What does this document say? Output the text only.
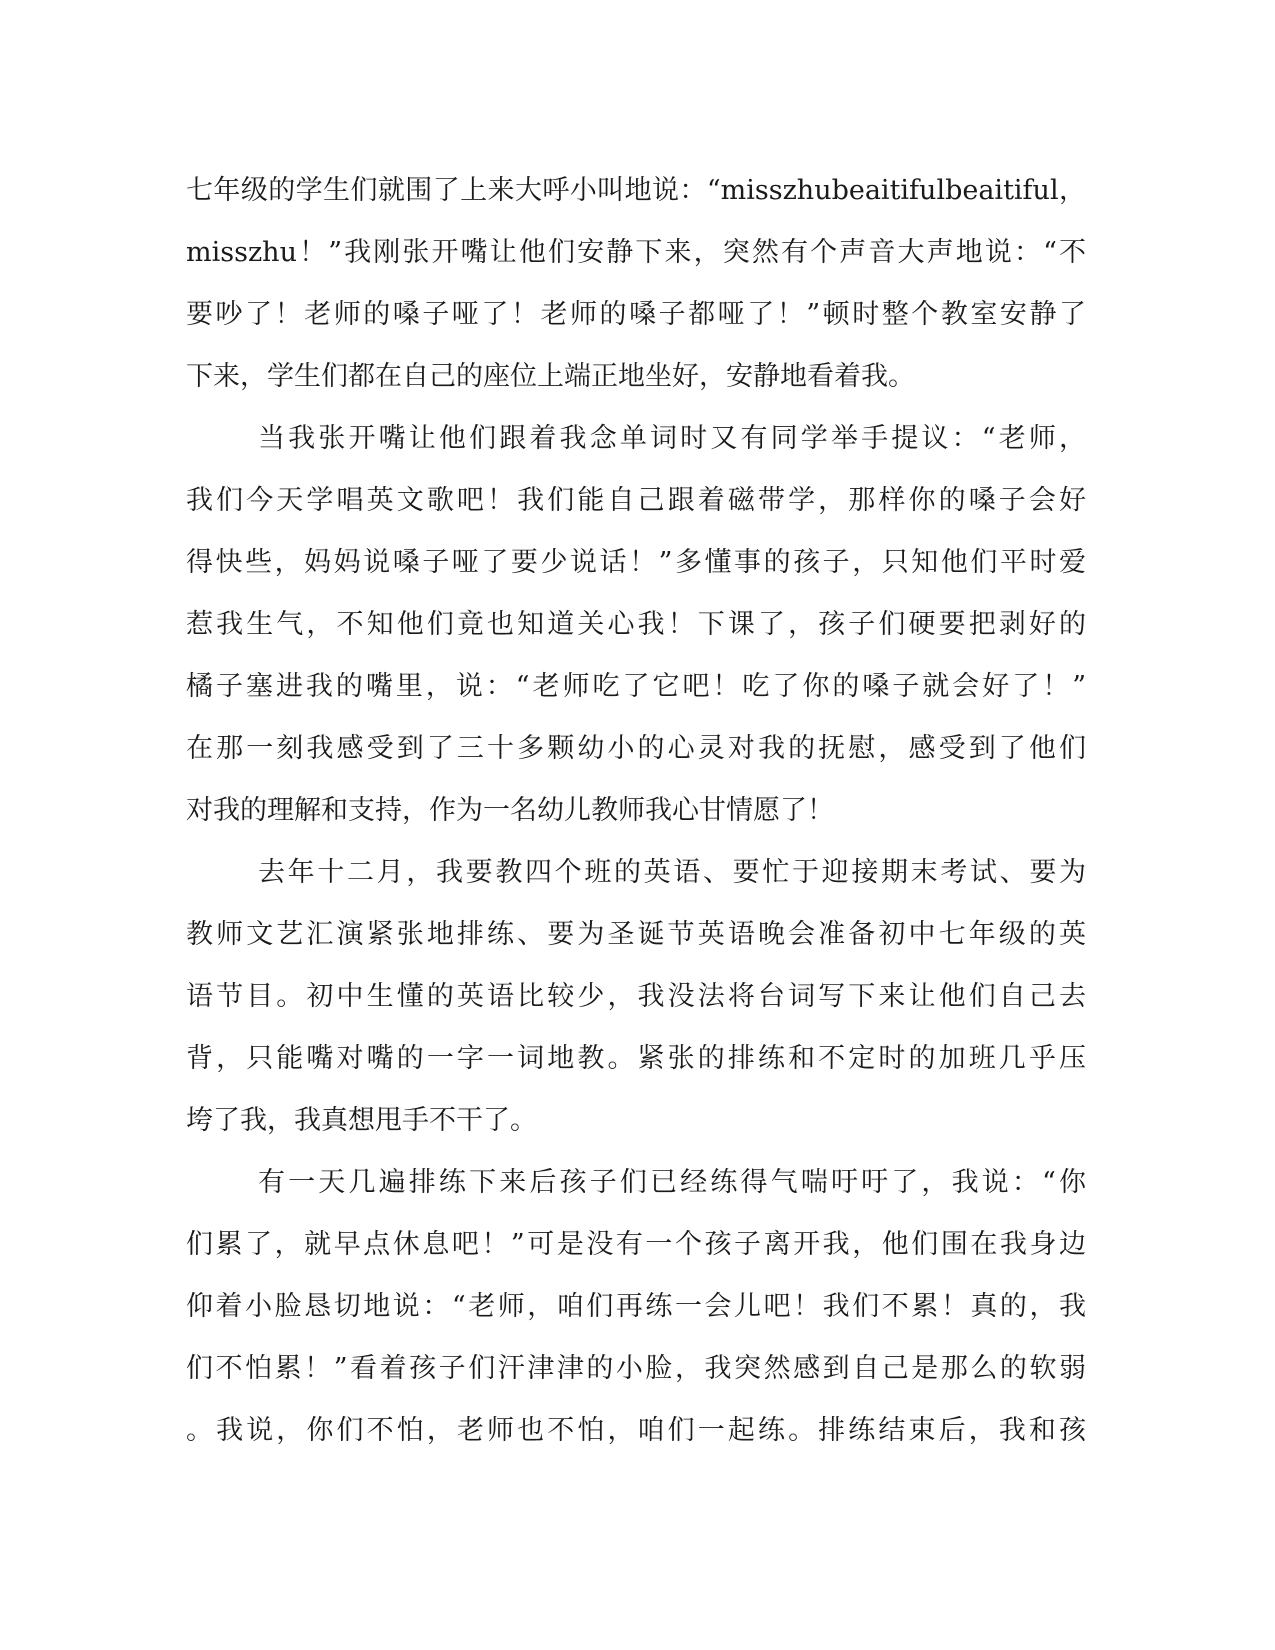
七年级的学生们就围了上来大呼小叫地说：“misszhubeaitifulbeaitiful，
misszhu！”我刚张开嘴让他们安静下来，突然有个声音大声地说：“不
要吵了！老师的嗓子哑了！老师的嗓子都哑了！”顿时整个教室安静了
下来，学生们都在自己的座位上端正地坐好，安静地看着我。
当我张开嘴让他们跟着我念单词时又有同学举手提议：“老师，
我们今天学唱英文歌吧！我们能自己跟着磁带学，那样你的嗓子会好
得快些，妈妈说嗓子哑了要少说话！”多懂事的孩子，只知他们平时爱
惹我生气，不知他们竟也知道关心我！下课了，孩子们硬要把剥好的
橘子塞进我的嘴里，说：“老师吃了它吧！吃了你的嗓子就会好了！”
在那一刻我感受到了三十多颗幼小的心灵对我的抚慰，感受到了他们
对我的理解和支持，作为一名幼儿教师我心甘情愿了！
去年十二月，我要教四个班的英语、要忙于迎接期末考试、要为
教师文艺汇演紧张地排练、要为圣诞节英语晚会准备初中七年级的英
语节目。初中生懂的英语比较少，我没法将台词写下来让他们自己去
背，只能嘴对嘴的一字一词地教。紧张的排练和不定时的加班几乎压
垮了我，我真想甩手不干了。
有一天几遍排练下来后孩子们已经练得气喘吁吁了，我说：“你
们累了，就早点休息吧！”可是没有一个孩子离开我，他们围在我身边
仰着小脸恳切地说：“老师，咱们再练一会儿吧！我们不累！真的，我
们不怕累！”看着孩子们汗津津的小脸，我突然感到自己是那么的软弱
。我说，你们不怕，老师也不怕，咱们一起练。排练结束后，我和孩
